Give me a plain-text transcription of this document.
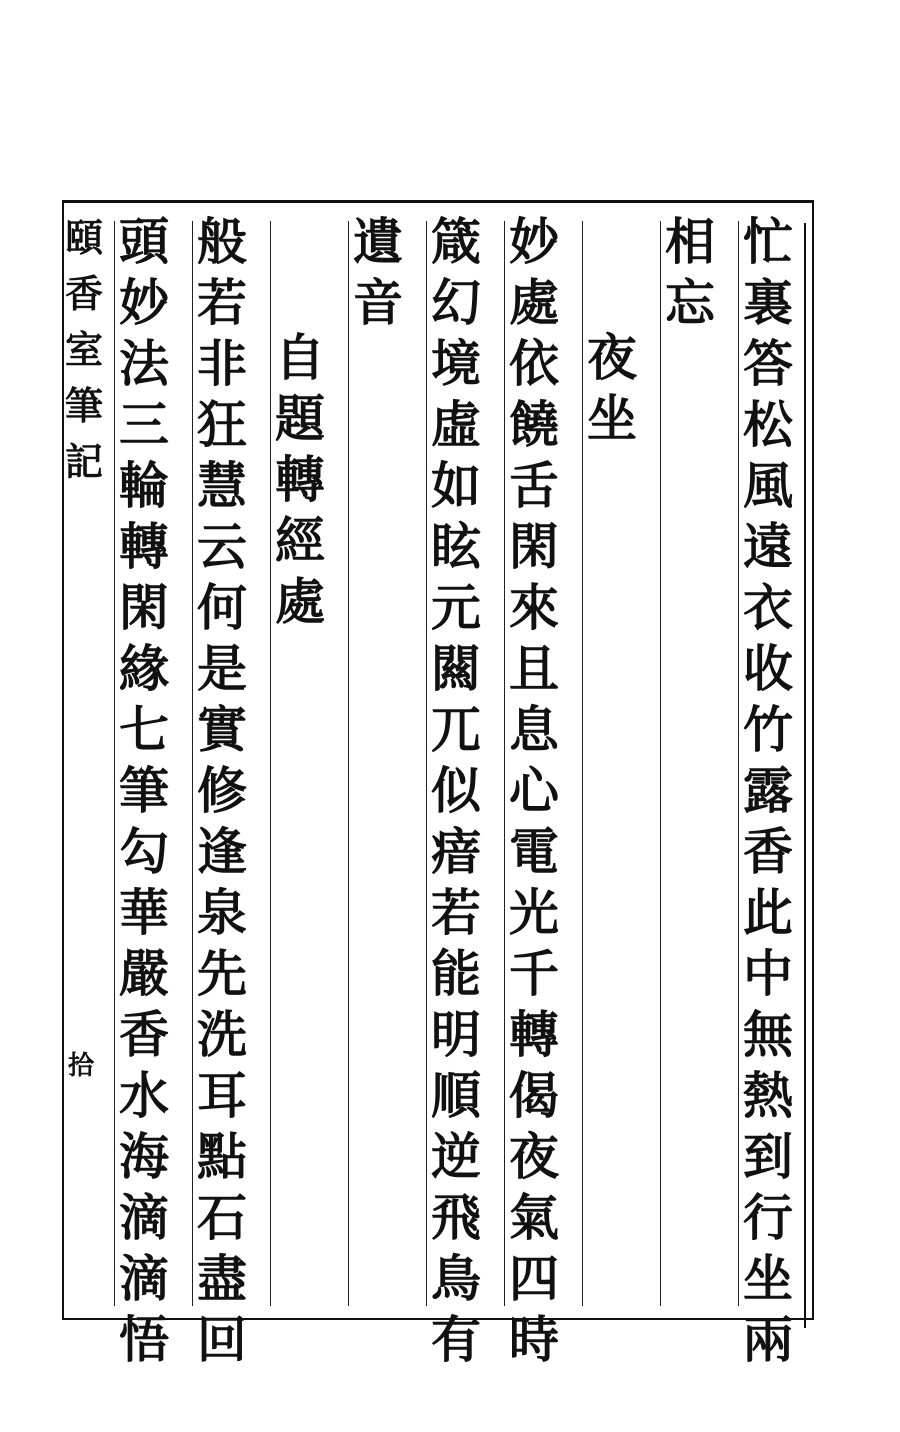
忙
裏
答
松
風
遠
衣
收
竹
露
香
此
中
無
熱
到
行
坐
兩
相
忘
夜
坐
妙
處
依
饒
舌
閑
來
且
息
心
電
光
千
轉
偈
夜
氣
四
時
箴
幻
境
虛
如
眩
元
闗
兀
似
瘖
若
能
明
順
逆
飛
鳥
有
遺
音
自
題
轉
經
處
般
若
非
狂
慧
云
何
是
實
修
逢
泉
先
洗
耳
點
石
盡
回
頭
妙
法
三
輪
轉
閑
緣
七
筆
勾
華
嚴
香
水
海
滴
滴
悟
頤
香
室
筆
記
拾
